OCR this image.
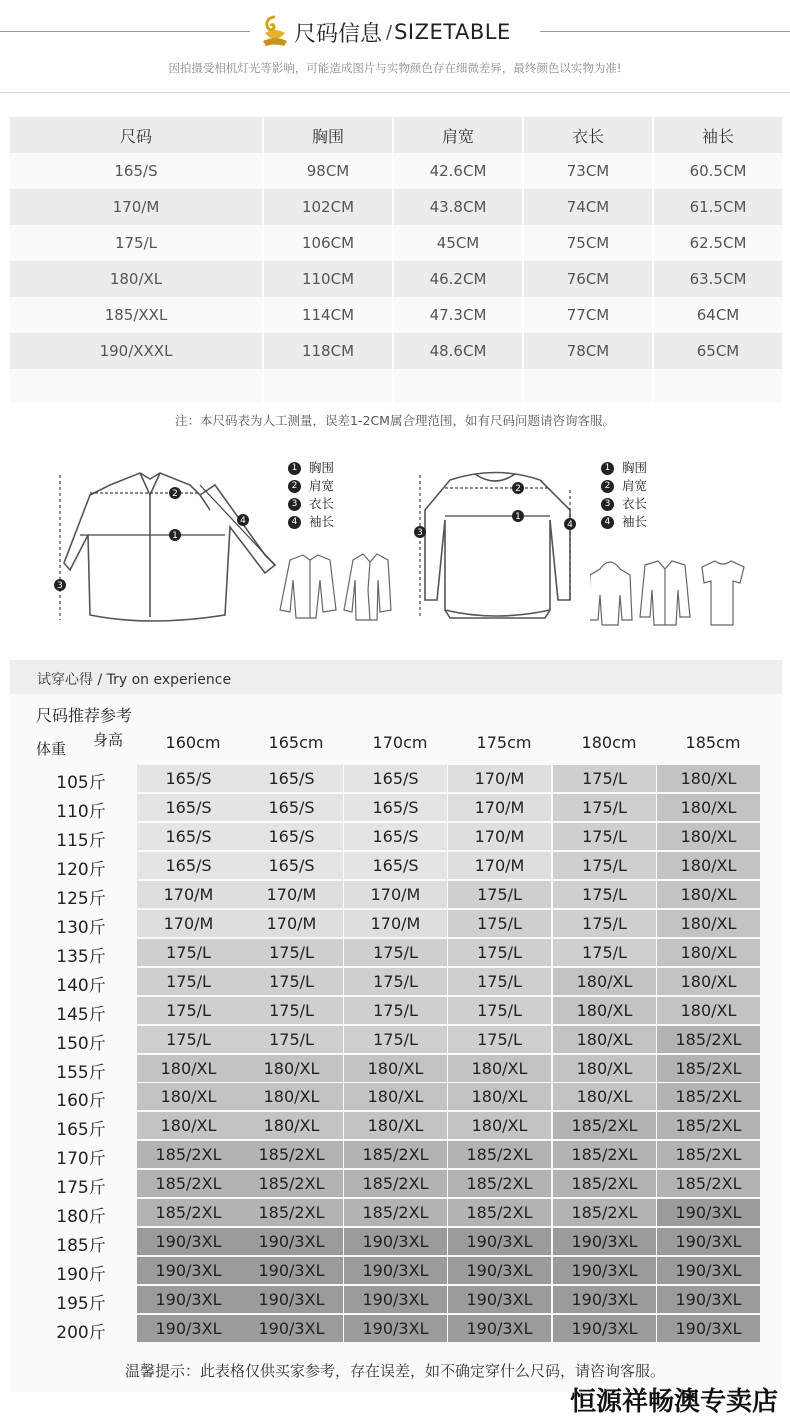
尺码信息 / SIZETABLE
因拍摄受相机灯光等影响，可能造成图片与实物颜色存在细微差异，最终颜色以实物为准!
尺码	胸围	肩宽	衣长	袖长
165/S	98CM	42.6CM	73CM	60.5CM
170/M	102CM	43.8CM	74CM	61.5CM
175/L	106CM	45CM	75CM	62.5CM
180/XL	110CM	46.2CM	76CM	63.5CM
185/XXL	114CM	47.3CM	77CM	64CM
190/XXXL	118CM	48.6CM	78CM	65CM
注：本尺码表为人工测量，误差1-2CM属合理范围，如有尺码问题请咨询客服。
1
2
3
4
1 胸围
2 肩宽
3 衣长
4 袖长	1
2
3
4
1 胸围
2 肩宽
3 衣长
4 袖长
试穿心得 / Try on experience
尺码推荐参考
身高
体重	160cm	165cm	170cm	175cm	180cm	185cm
105斤	165/S	165/S	165/S	170/M	175/L	180/XL
110斤	165/S	165/S	165/S	170/M	175/L	180/XL
115斤	165/S	165/S	165/S	170/M	175/L	180/XL
120斤	165/S	165/S	165/S	170/M	175/L	180/XL
125斤	170/M	170/M	170/M	175/L	175/L	180/XL
130斤	170/M	170/M	170/M	175/L	175/L	180/XL
135斤	175/L	175/L	175/L	175/L	175/L	180/XL
140斤	175/L	175/L	175/L	175/L	180/XL	180/XL
145斤	175/L	175/L	175/L	175/L	180/XL	180/XL
150斤	175/L	175/L	175/L	175/L	180/XL	185/2XL
155斤	180/XL	180/XL	180/XL	180/XL	180/XL	185/2XL
160斤	180/XL	180/XL	180/XL	180/XL	180/XL	185/2XL
165斤	180/XL	180/XL	180/XL	180/XL	185/2XL	185/2XL
170斤	185/2XL	185/2XL	185/2XL	185/2XL	185/2XL	185/2XL
175斤	185/2XL	185/2XL	185/2XL	185/2XL	185/2XL	185/2XL
180斤	185/2XL	185/2XL	185/2XL	185/2XL	185/2XL	190/3XL
185斤	190/3XL	190/3XL	190/3XL	190/3XL	190/3XL	190/3XL
190斤	190/3XL	190/3XL	190/3XL	190/3XL	190/3XL	190/3XL
195斤	190/3XL	190/3XL	190/3XL	190/3XL	190/3XL	190/3XL
200斤	190/3XL	190/3XL	190/3XL	190/3XL	190/3XL	190/3XL
温馨提示：此表格仅供买家参考，存在误差，如不确定穿什么尺码，请咨询客服。
恒源祥畅澳专卖店
